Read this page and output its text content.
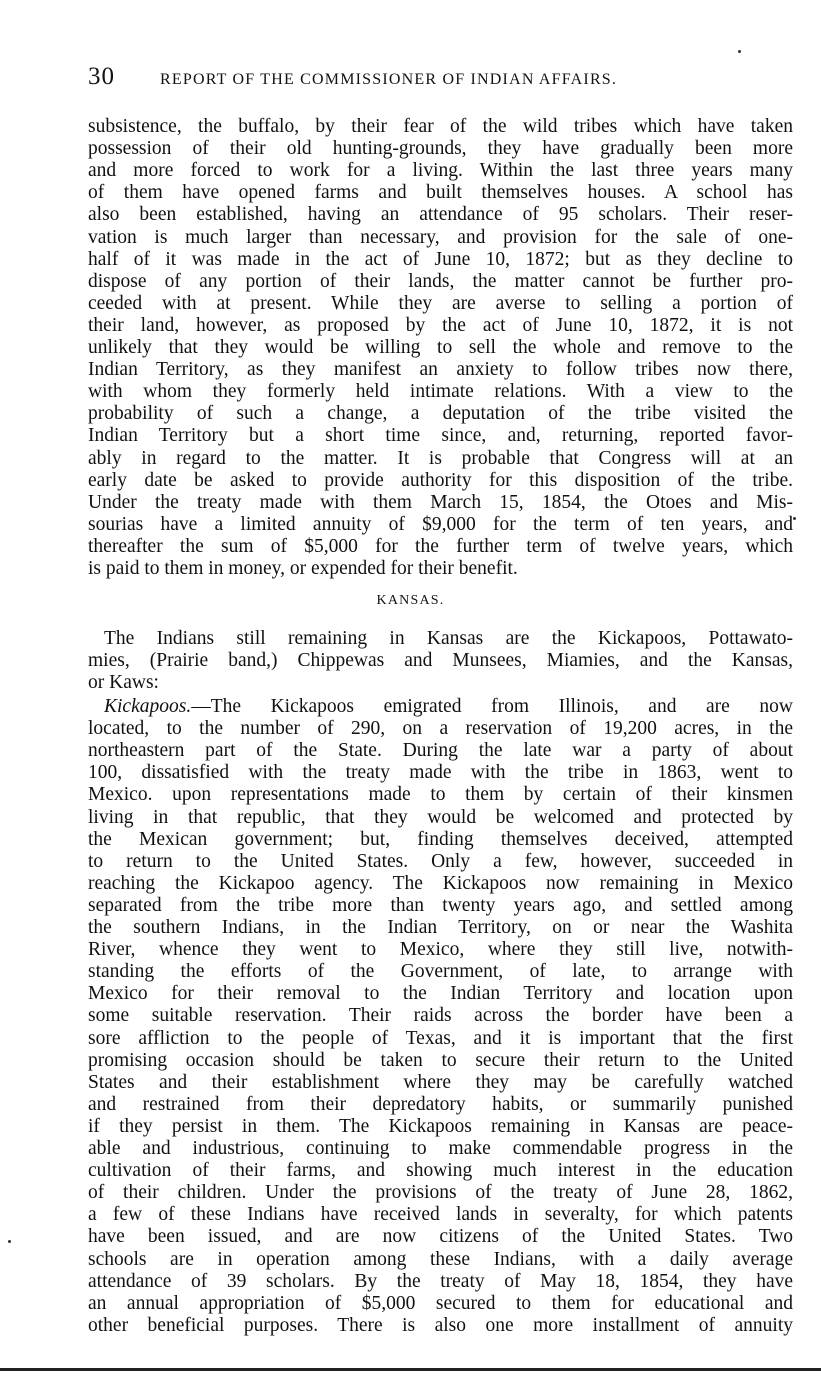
30	REPORT OF THE COMMISSIONER OF INDIAN AFFAIRS.
subsistence, the buffalo, by their fear of the wild tribes which have taken
possession of their old hunting-grounds, they have gradually been more
and more forced to work for a living. Within the last three years many
of them have opened farms and built themselves houses. A school has
also been established, having an attendance of 95 scholars. Their reser-
vation is much larger than necessary, and provision for the sale of one-
half of it was made in the act of June 10, 1872; but as they decline to
dispose of any portion of their lands, the matter cannot be further pro-
ceeded with at present. While they are averse to selling a portion of
their land, however, as proposed by the act of June 10, 1872, it is not
unlikely that they would be willing to sell the whole and remove to the
Indian Territory, as they manifest an anxiety to follow tribes now there,
with whom they formerly held intimate relations. With a view to the
probability of such a change, a deputation of the tribe visited the
Indian Territory but a short time since, and, returning, reported favor-
ably in regard to the matter. It is probable that Congress will at an
early date be asked to provide authority for this disposition of the tribe.
Under the treaty made with them March 15, 1854, the Otoes and Mis-
sourias have a limited annuity of $9,000 for the term of ten years, and
thereafter the sum of $5,000 for the further term of twelve years, which
is paid to them in money, or expended for their benefit.
KANSAS.
The Indians still remaining in Kansas are the Kickapoos, Pottawato-
mies, (Prairie band,) Chippewas and Munsees, Miamies, and the Kansas,
or Kaws:
Kickapoos.—The Kickapoos emigrated from Illinois, and are now
located, to the number of 290, on a reservation of 19,200 acres, in the
northeastern part of the State. During the late war a party of about
100, dissatisfied with the treaty made with the tribe in 1863, went to
Mexico. upon representations made to them by certain of their kinsmen
living in that republic, that they would be welcomed and protected by
the Mexican government; but, finding themselves deceived, attempted
to return to the United States. Only a few, however, succeeded in
reaching the Kickapoo agency. The Kickapoos now remaining in Mexico
separated from the tribe more than twenty years ago, and settled among
the southern Indians, in the Indian Territory, on or near the Washita
River, whence they went to Mexico, where they still live, notwith-
standing the efforts of the Government, of late, to arrange with
Mexico for their removal to the Indian Territory and location upon
some suitable reservation. Their raids across the border have been a
sore affliction to the people of Texas, and it is important that the first
promising occasion should be taken to secure their return to the United
States and their establishment where they may be carefully watched
and restrained from their depredatory habits, or summarily punished
if they persist in them. The Kickapoos remaining in Kansas are peace-
able and industrious, continuing to make commendable progress in the
cultivation of their farms, and showing much interest in the education
of their children. Under the provisions of the treaty of June 28, 1862,
a few of these Indians have received lands in severalty, for which patents
have been issued, and are now citizens of the United States. Two
schools are in operation among these Indians, with a daily average
attendance of 39 scholars. By the treaty of May 18, 1854, they have
an annual appropriation of $5,000 secured to them for educational and
other beneficial purposes. There is also one more installment of annuity
